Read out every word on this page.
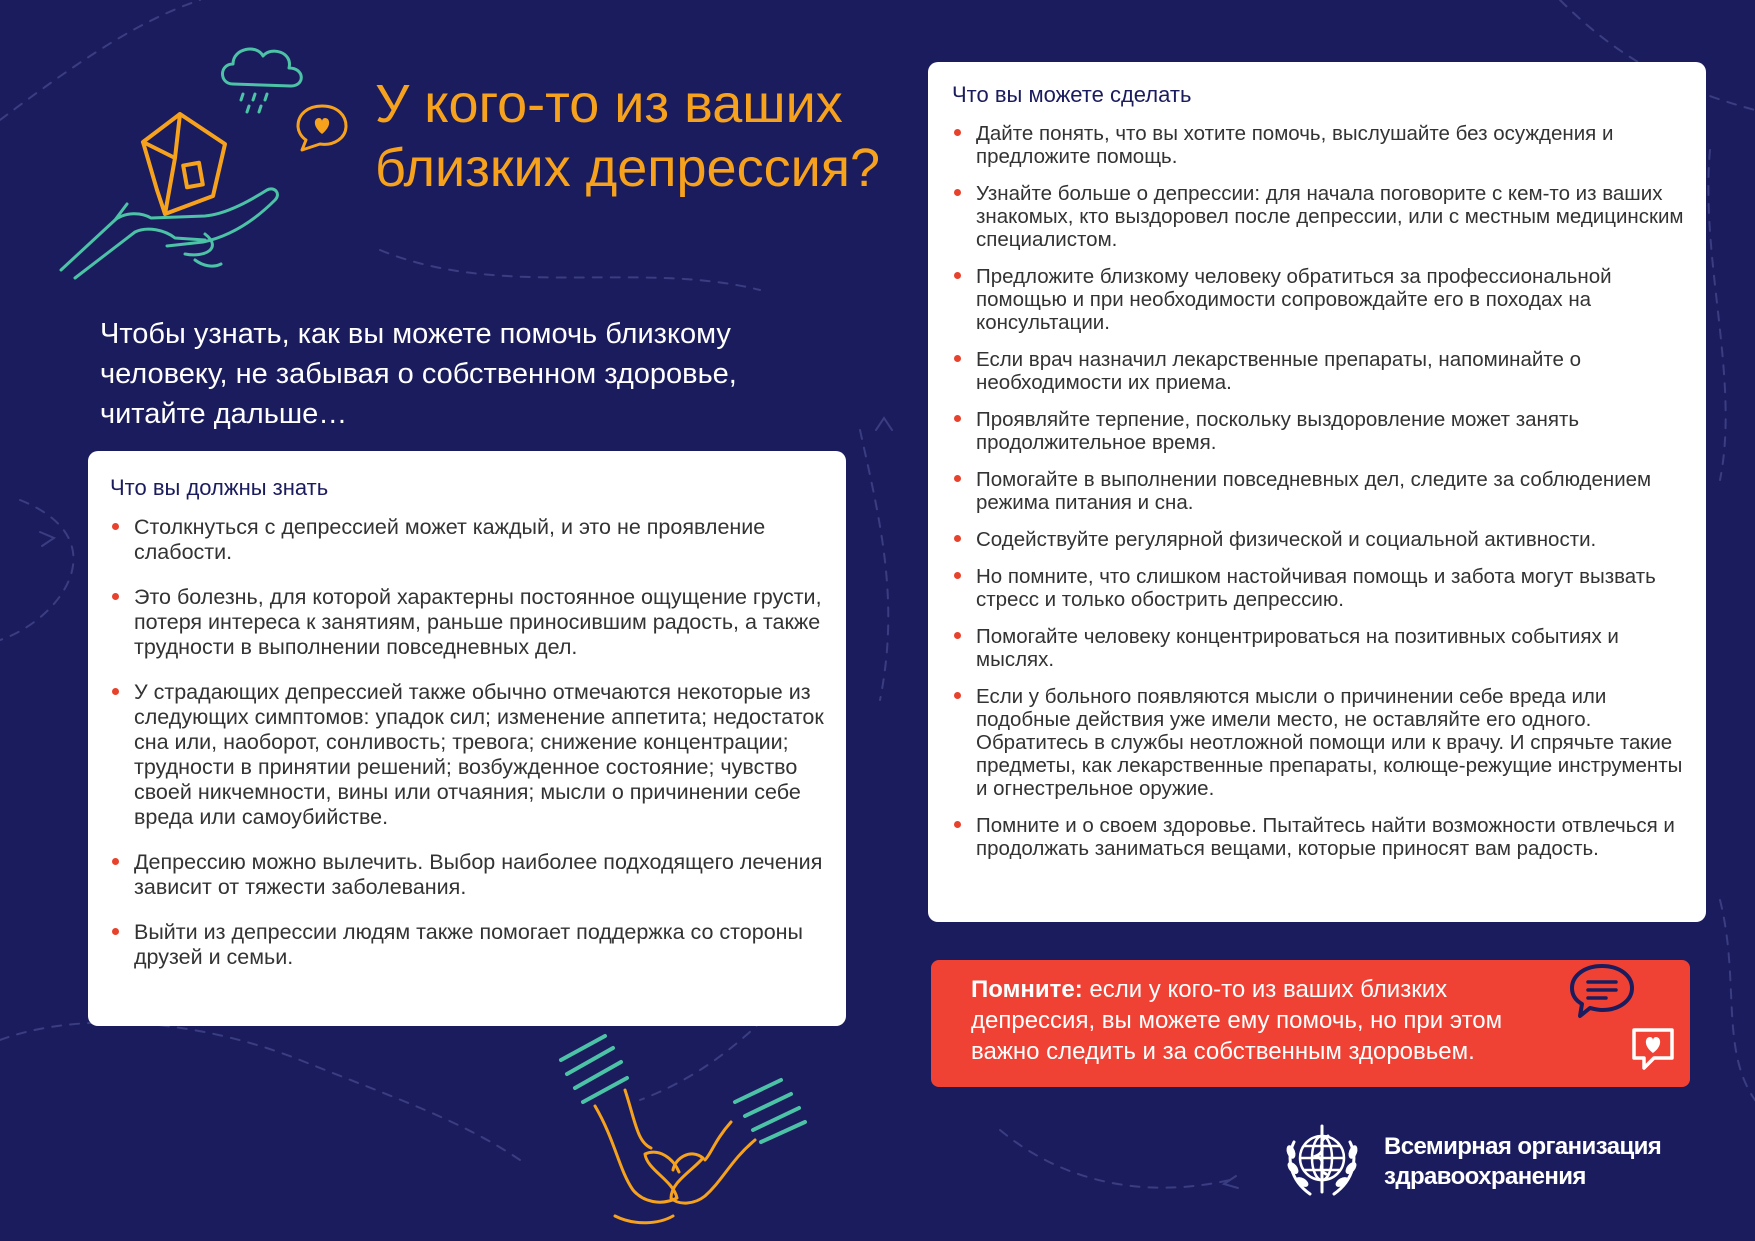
У кого-то из ваших близких депрессия?

Чтобы узнать, как вы можете помочь близкому человеку, не забывая о собственном здоровье, читайте дальше…

Что вы должны знать
Столкнуться с депрессией может каждый, и это не проявление слабости.
Это болезнь, для которой характерны постоянное ощущение грусти, потеря интереса к занятиям, раньше приносившим радость, а также трудности в выполнении повседневных дел.
У страдающих депрессией также обычно отмечаются некоторые из следующих симптомов: упадок сил; изменение аппетита; недостаток сна или, наоборот, сонливость; тревога; снижение концентрации; трудности в принятии решений; возбужденное состояние; чувство своей никчемности, вины или отчаяния; мысли о причинении себе вреда или самоубийстве.
Депрессию можно вылечить. Выбор наиболее подходящего лечения зависит от тяжести заболевания.
Выйти из депрессии людям также помогает поддержка со стороны друзей и семьи.
Что вы можете сделать
Дайте понять, что вы хотите помочь, выслушайте без осуждения и предложите помощь.
Узнайте больше о депрессии: для начала поговорите с кем-то из ваших знакомых, кто выздоровел после депрессии, или с местным медицинским специалистом.
Предложите близкому человеку обратиться за профессиональной помощью и при необходимости сопровождайте его в походах на консультации.
Если врач назначил лекарственные препараты, напоминайте о необходимости их приема.
Проявляйте терпение, поскольку выздоровление может занять продолжительное время.
Помогайте в выполнении повседневных дел, следите за соблюдением режима питания и сна.
Содействуйте регулярной физической и социальной активности.
Но помните, что слишком настойчивая помощь и забота могут вызвать стресс и только обострить депрессию.
Помогайте человеку концентрироваться на позитивных событиях и мыслях.
Если у больного появляются мысли о причинении себе вреда или подобные действия уже имели место, не оставляйте его одного. Обратитесь в службы неотложной помощи или к врачу. И спрячьте такие предметы, как лекарственные препараты, колюще-режущие инструменты и огнестрельное оружие.
Помните и о своем здоровье. Пытайтесь найти возможности отвлечься и продолжать заниматься вещами, которые приносят вам радость.

Помните: если у кого-то из ваших близких депрессия, вы можете ему помочь, но при этом важно следить и за собственным здоровьем.

Всемирная организация
здравоохранения
